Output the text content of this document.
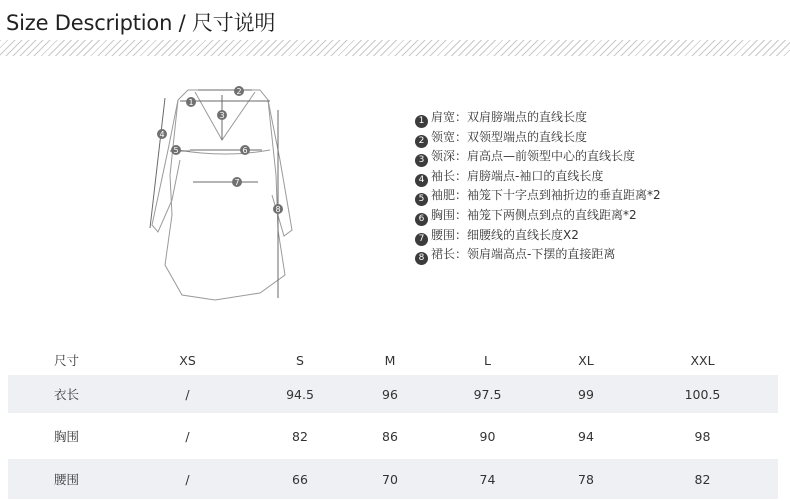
Size Description / 尺寸说明
1
2
3
4
5	6
7
8
1 肩宽：双肩膀端点的直线长度
2 领宽：双领型端点的直线长度
3 领深：肩高点—前领型中心的直线长度
4 袖长：肩膀端点-袖口的直线长度
5 袖肥：袖笼下十字点到袖折边的垂直距离*2
6 胸围：袖笼下两侧点到点的直线距离*2
7 腰围：细腰线的直线长度X2
8 裙长：领肩端高点-下摆的直接距离
尺寸	XS	S	M	L	XL	XXL
衣长	/	94.5	96	97.5	99	100.5
胸围	/	82	86	90	94	98
腰围	/	66	70	74	78	82
